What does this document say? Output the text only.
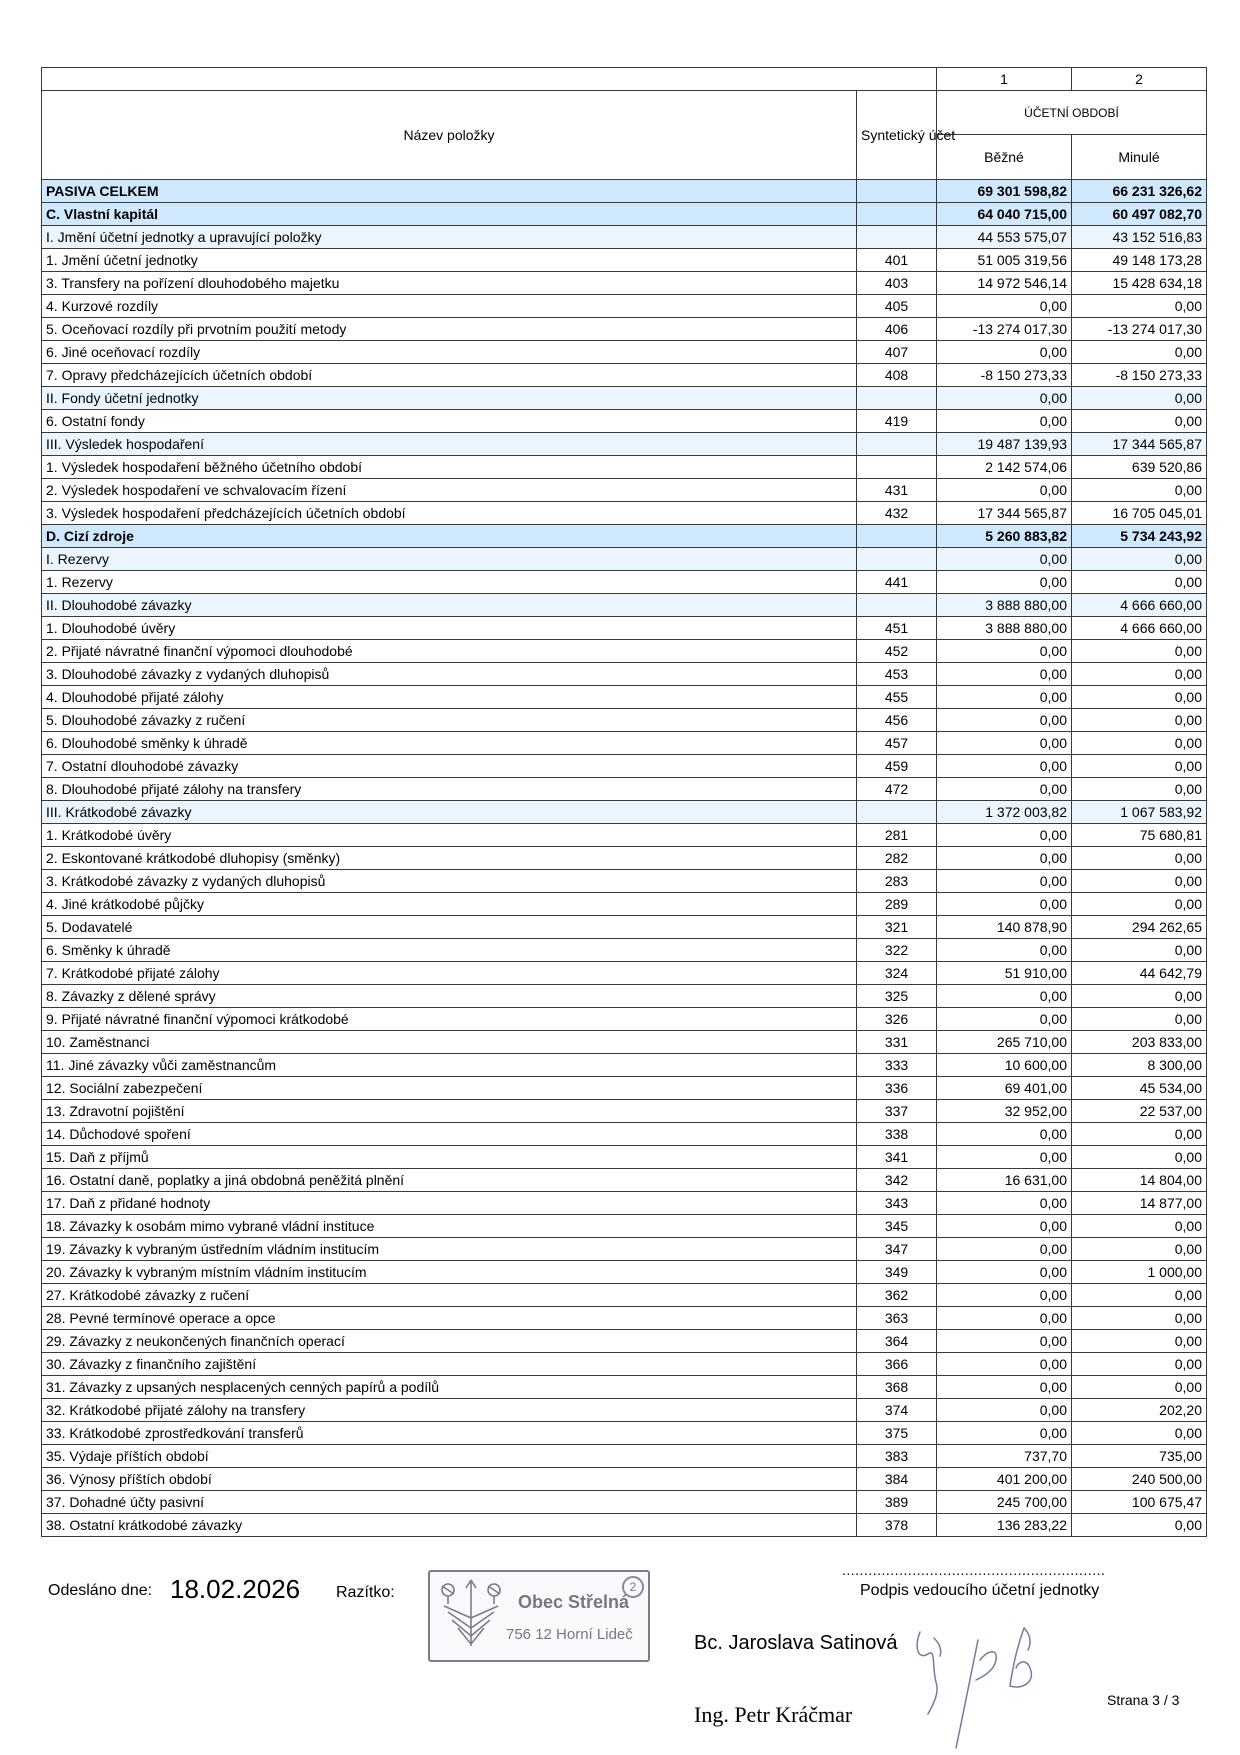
		1	2
Název položky	Syntetický účet	ÚČETNÍ OBDOBÍ	
		Běžné	Minulé
PASIVA CELKEM		69 301 598,82	66 231 326,62
C. Vlastní kapitál		64 040 715,00	60 497 082,70
I. Jmění účetní jednotky a upravující položky		44 553 575,07	43 152 516,83
1. Jmění účetní jednotky	401	51 005 319,56	49 148 173,28
3. Transfery na pořízení dlouhodobého majetku	403	14 972 546,14	15 428 634,18
4. Kurzové rozdíly	405	0,00	0,00
5. Oceňovací rozdíly při prvotním použití metody	406	-13 274 017,30	-13 274 017,30
6. Jiné oceňovací rozdíly	407	0,00	0,00
7. Opravy předcházejících účetních období	408	-8 150 273,33	-8 150 273,33
II. Fondy účetní jednotky		0,00	0,00
6. Ostatní fondy	419	0,00	0,00
III. Výsledek hospodaření		19 487 139,93	17 344 565,87
1. Výsledek hospodaření běžného účetního období		2 142 574,06	639 520,86
2. Výsledek hospodaření ve schvalovacím řízení	431	0,00	0,00
3. Výsledek hospodaření předcházejících účetních období	432	17 344 565,87	16 705 045,01
D. Cizí zdroje		5 260 883,82	5 734 243,92
I. Rezervy		0,00	0,00
1. Rezervy	441	0,00	0,00
II. Dlouhodobé závazky		3 888 880,00	4 666 660,00
1. Dlouhodobé úvěry	451	3 888 880,00	4 666 660,00
2. Přijaté návratné finanční výpomoci dlouhodobé	452	0,00	0,00
3. Dlouhodobé závazky z vydaných dluhopisů	453	0,00	0,00
4. Dlouhodobé přijaté zálohy	455	0,00	0,00
5. Dlouhodobé závazky z ručení	456	0,00	0,00
6. Dlouhodobé směnky k úhradě	457	0,00	0,00
7. Ostatní dlouhodobé závazky	459	0,00	0,00
8. Dlouhodobé přijaté zálohy na transfery	472	0,00	0,00
III. Krátkodobé závazky		1 372 003,82	1 067 583,92
1. Krátkodobé úvěry	281	0,00	75 680,81
2. Eskontované krátkodobé dluhopisy (směnky)	282	0,00	0,00
3. Krátkodobé závazky z vydaných dluhopisů	283	0,00	0,00
4. Jiné krátkodobé půjčky	289	0,00	0,00
5. Dodavatelé	321	140 878,90	294 262,65
6. Směnky k úhradě	322	0,00	0,00
7. Krátkodobé přijaté zálohy	324	51 910,00	44 642,79
8. Závazky z dělené správy	325	0,00	0,00
9. Přijaté návratné finanční výpomoci krátkodobé	326	0,00	0,00
10. Zaměstnanci	331	265 710,00	203 833,00
11. Jiné závazky vůči zaměstnancům	333	10 600,00	8 300,00
12. Sociální zabezpečení	336	69 401,00	45 534,00
13. Zdravotní pojištění	337	32 952,00	22 537,00
14. Důchodové spoření	338	0,00	0,00
15. Daň z příjmů	341	0,00	0,00
16. Ostatní daně, poplatky a jiná obdobná peněžitá plnění	342	16 631,00	14 804,00
17. Daň z přidané hodnoty	343	0,00	14 877,00
18. Závazky k osobám mimo vybrané vládní instituce	345	0,00	0,00
19. Závazky k vybraným ústředním vládním institucím	347	0,00	0,00
20. Závazky k vybraným místním vládním institucím	349	0,00	1 000,00
27. Krátkodobé závazky z ručení	362	0,00	0,00
28. Pevné termínové operace a opce	363	0,00	0,00
29. Závazky z neukončených finančních operací	364	0,00	0,00
30. Závazky z finančního zajištění	366	0,00	0,00
31. Závazky z upsaných nesplacených cenných papírů a podílů	368	0,00	0,00
32. Krátkodobé přijaté zálohy na transfery	374	0,00	202,20
33. Krátkodobé zprostředkování transferů	375	0,00	0,00
35. Výdaje příštích období	383	737,70	735,00
36. Výnosy příštích období	384	401 200,00	240 500,00
37. Dohadné účty pasivní	389	245 700,00	100 675,47
38. Ostatní krátkodobé závazky	378	136 283,22	0,00
Odesláno dne: 18.02.2026 Razítko:	Obec Střelná
756 12 Horní Lideč
2
............................................................
Podpis vedoucího účetní jednotky
Bc. Jaroslava Satinová
Ing. Petr Kráčmar
Strana 3 / 3
